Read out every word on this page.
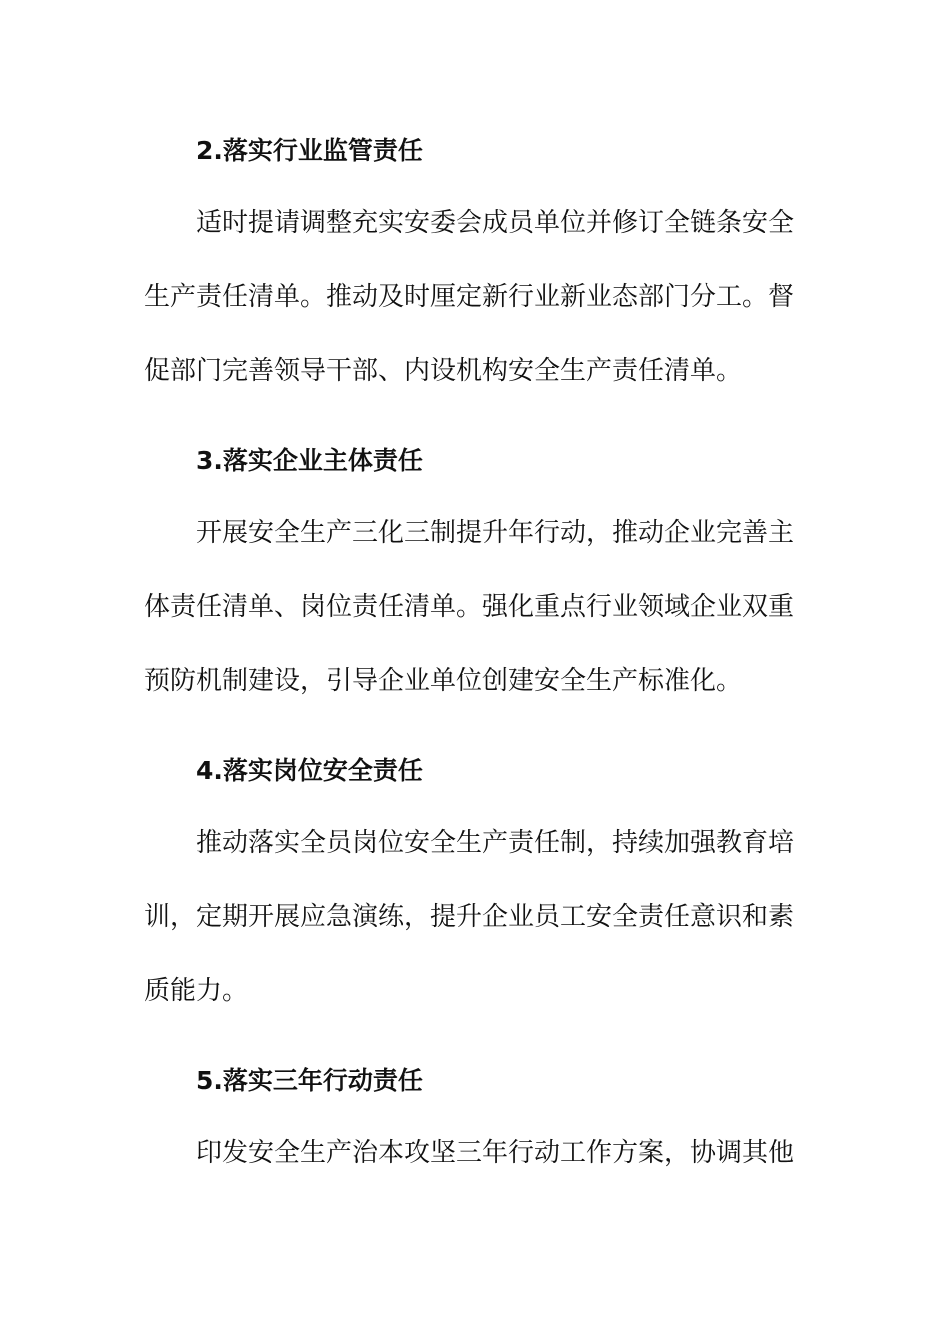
2.落实行业监管责任
适时提请调整充实安委会成员单位并修订全链条安全
生产责任清单。推动及时厘定新行业新业态部门分工。督
促部门完善领导干部、内设机构安全生产责任清单。
3.落实企业主体责任
开展安全生产三化三制提升年行动，推动企业完善主
体责任清单、岗位责任清单。强化重点行业领域企业双重
预防机制建设，引导企业单位创建安全生产标准化。
4.落实岗位安全责任
推动落实全员岗位安全生产责任制，持续加强教育培
训，定期开展应急演练，提升企业员工安全责任意识和素
质能力。
5.落实三年行动责任
印发安全生产治本攻坚三年行动工作方案，协调其他
